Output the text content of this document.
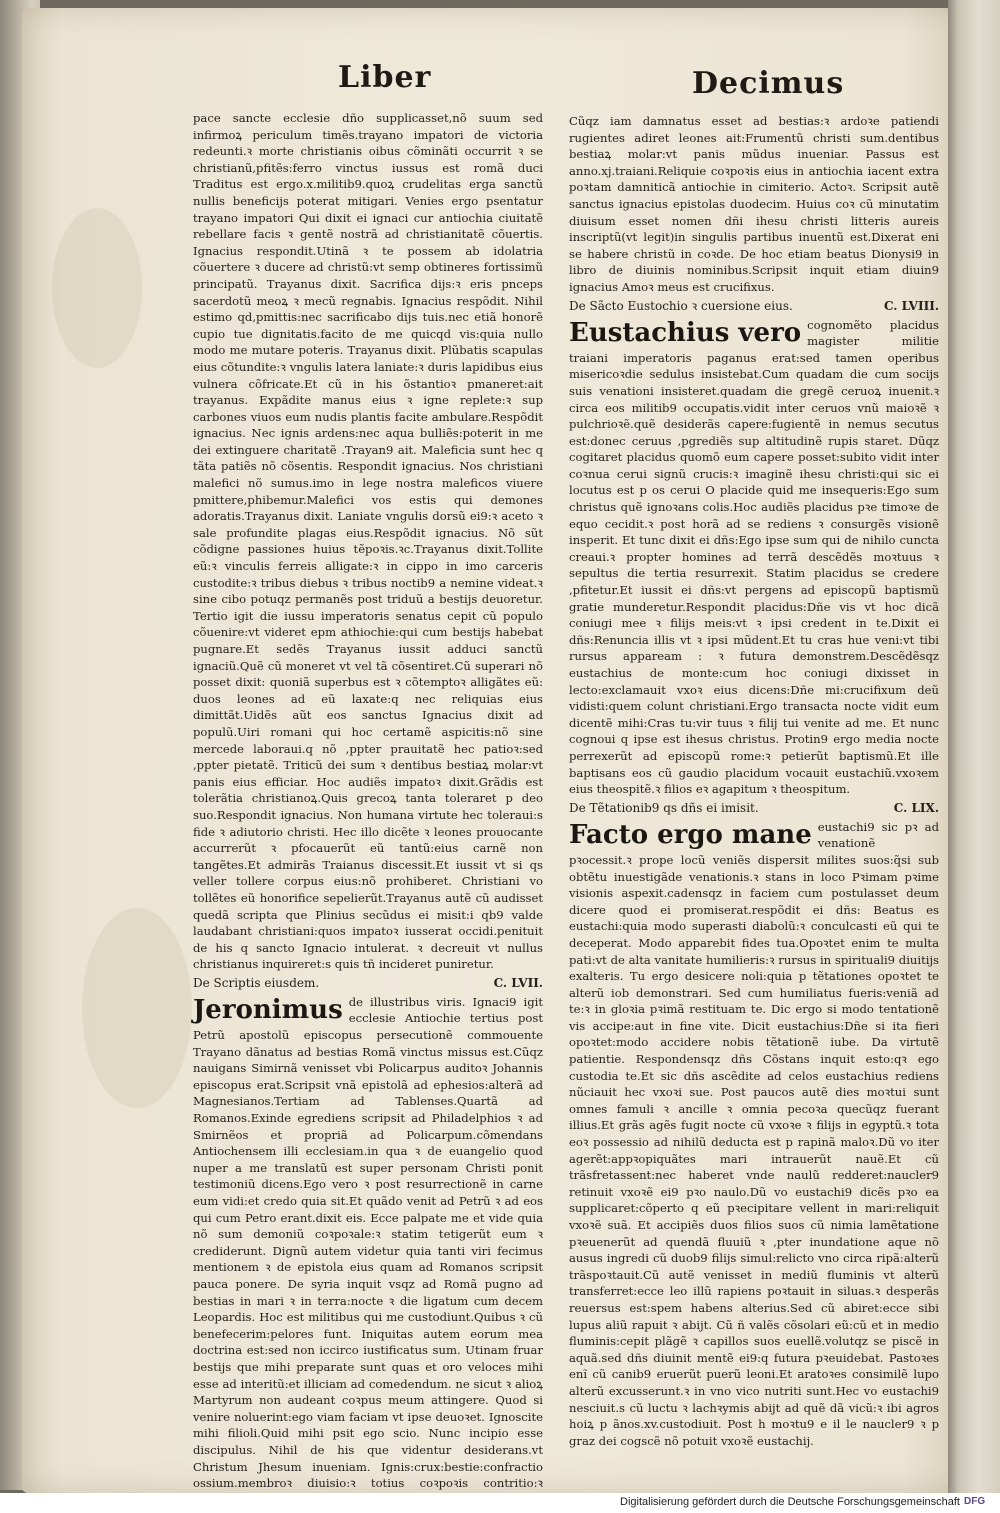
Liber	Decimus

pace sancte ecclesie dño supplicasset,nõ suum sed infirmoꝝ periculum timẽs.trayano impatori de victoria redeunti.ꝛ morte christianis oibus cõminãti occurrit ꝛ se christianũ,pfitẽs:ferro vinctus iussus est romã duci Traditus est ergo.x.militib9.quoꝝ crudelitas erga sanctũ nullis beneficijs poterat mitigari. Venies ergo psentatur trayano impatori Qui dixit ei ignaci cur antiochia ciuitatẽ rebellare facis ꝛ gentẽ nostrã ad christianitatẽ cõuertis. Ignacius respondit.Utinã ꝛ te possem ab idolatria cõuertere ꝛ ducere ad christũ:vt semp obtineres fortissimũ principatũ. Trayanus dixit. Sacrifica dijs:ꝛ eris pnceps sacerdotũ meoꝝ ꝛ mecũ regnabis. Ignacius respõdit. Nihil estimo qd,pmittis:nec sacrificabo dijs tuis.nec etiã honorẽ cupio tue dignitatis.facito de me quicqd vis:quia nullo modo me mutare poteris. Trayanus dixit. Plũbatis scapulas eius cõtundite:ꝛ vngulis latera laniate:ꝛ duris lapidibus eius vulnera cõfricate.Et cũ in his õstantioꝛ pmaneret:ait trayanus. Expãdite manus eius ꝛ igne replete:ꝛ sup carbones viuos eum nudis plantis facite ambulare.Respõdit ignacius. Nec ignis ardens:nec aqua bulliẽs:poterit in me dei extinguere charitatẽ .Trayan9 ait. Maleficia sunt hec q tãta patiẽs nõ cõsentis. Respondit ignacius. Nos christiani malefici nõ sumus.imo in lege nostra maleficos viuere pmittere,phibemur.Malefici vos estis qui demones adoratis.Trayanus dixit. Laniate vngulis dorsũ ei9:ꝛ aceto ꝛ sale profundite plagas eius.Respõdit ignacius. Nõ sũt cõdigne passiones huius tẽpoꝛis.ꝛc.Trayanus dixit.Tollite eũ:ꝛ vinculis ferreis alligate:ꝛ in cippo in imo carceris custodite:ꝛ tribus diebus ꝛ tribus noctib9 a nemine videat.ꝛ sine cibo potuqz permanẽs post triduũ a bestijs deuoretur. Tertio igit die iussu imperatoris senatus cepit cũ populo cõuenire:vt videret epm athiochie:qui cum bestijs habebat pugnare.Et sedẽs Trayanus iussit adduci sanctũ ignaciũ.Quẽ cũ moneret vt vel tã cõsentiret.Cũ superari nõ posset dixit: quoniã superbus est ꝛ cõtemptoꝛ alligãtes eũ: duos leones ad eũ laxate:q nec reliquias eius dimittãt.Uidẽs aũt eos sanctus Ignacius dixit ad populũ.Uiri romani qui hoc certamẽ aspicitis:nõ sine mercede laboraui.q nõ ,ppter prauitatẽ hec patioꝛ:sed ,ppter pietatẽ. Triticũ dei sum ꝛ dentibus bestiaꝝ molar:vt panis eius efficiar. Hoc audiẽs impatoꝛ dixit.Grãdis est tolerãtia christianoꝝ.Quis grecoꝝ tanta toleraret p deo suo.Respondit ignacius. Non humana virtute hec toleraui:s fide ꝛ adiutorio christi. Hec illo dicẽte ꝛ leones prouocante accurrerũt ꝛ pfocauerũt eũ tantũ:eius carnẽ non tangẽtes.Et admirãs Traianus discessit.Et iussit vt si qs veller tollere corpus eius:nõ prohiberet. Christiani vo tollẽtes eũ honorifice sepelierũt.Trayanus autẽ cũ audisset quedã scripta que Plinius secũdus ei misit:i qb9 valde laudabant christiani:quos impatoꝛ iusserat occidi.penituit de his q sancto Ignacio intulerat. ꝛ decreuit vt nullus christianus inquireret:s quis tñ incideret puniretur.

De Scriptis eiusdem.	C. LVII.
Jeronimus de illustribus viris. Ignaci9 igit ecclesie Antiochie tertius post Petrũ apostolũ episcopus persecutionẽ commouente Trayano dãnatus ad bestias Romã vinctus missus est.Cũqz nauigans Simirnã venisset vbi Policarpus auditoꝛ Johannis episcopus erat.Scripsit vnã epistolã ad ephesios:alterã ad Magnesianos.Tertiam ad Tablenses.Quartã ad Romanos.Exinde egrediens scripsit ad Philadelphios ꝛ ad Smirnẽos et propriã ad Policarpum.cõmendans Antiochensem illi ecclesiam.in qua ꝛ de euangelio quod nuper a me translatũ est super personam Christi ponit testimoniũ dicens.Ego vero ꝛ post resurrectionẽ in carne eum vidi:et credo quia sit.Et quãdo venit ad Petrũ ꝛ ad eos qui cum Petro erant.dixit eis. Ecce palpate me et vide quia nõ sum demoniũ coꝛpoꝛale:ꝛ statim tetigerũt eum ꝛ crediderunt. Dignũ autem videtur quia tanti viri fecimus mentionem ꝛ de epistola eius quam ad Romanos scripsit pauca ponere. De syria inquit vsqz ad Romã pugno ad bestias in mari ꝛ in terra:nocte ꝛ die ligatum cum decem Leopardis. Hoc est militibus qui me custodiunt.Quibus ꝛ cũ benefecerim:pelores funt. Iniquitas autem eorum mea doctrina est:sed non iccirco iustificatus sum. Utinam fruar bestijs que mihi preparate sunt quas et oro veloces mihi esse ad interitũ:et illiciam ad comedendum. ne sicut ꝛ alioꝝ Martyrum non audeant coꝛpus meum attingere. Quod si venire noluerint:ego viam faciam vt ipse deuoꝛet. Ignoscite mihi filioli.Quid mihi psit ego scio. Nunc incipio esse discipulus. Nihil de his que videntur desiderans.vt Christum Jhesum inueniam. Ignis:crux:bestie:confractio ossium.membroꝛ diuisio:ꝛ totius coꝛpoꝛis contritio:ꝛ

Cũqz iam damnatus esset ad bestias:ꝛ ardoꝛe patiendi rugientes adiret leones ait:Frumentũ christi sum.dentibus bestiaꝝ molar:vt panis mũdus inueniar. Passus est anno.xj.traiani.Reliquie coꝛpoꝛis eius in antiochia iacent extra poꝛtam damniticã antiochie in cimiterio. Actoꝛ. Scripsit autẽ sanctus ignacius epistolas duodecim. Huius coꝛ cũ minutatim diuisum esset nomen dñi ihesu christi litteris aureis inscriptũ(vt legit)in singulis partibus inuentũ est.Dixerat eni se habere christũ in coꝛde. De hoc etiam beatus Dionysi9 in libro de diuinis nominibus.Scripsit inquit etiam diuin9 ignacius Amoꝛ meus est crucifixus.

De Sãcto Eustochio ꝛ cuersione eius.	C. LVIII.
Eustachius vero cognomẽto placidus magister militie traiani imperatoris paganus erat:sed tamen operibus misericoꝛdie sedulus insistebat.Cum quadam die cum socijs suis venationi insisteret.quadam die gregẽ ceruoꝝ inuenit.ꝛ circa eos militib9 occupatis.vidit inter ceruos vnũ maioꝛẽ ꝛ pulchrioꝛẽ.quẽ desiderãs capere:fugientẽ in nemus secutus est:donec ceruus ,pgrediẽs sup altitudinẽ rupis staret. Dũqz cogitaret placidus quomõ eum capere posset:subito vidit inter coꝛnua cerui signũ crucis:ꝛ imaginẽ ihesu christi:qui sic ei locutus est p os cerui O placide quid me insequeris:Ego sum christus quẽ ignoꝛans colis.Hoc audiẽs placidus pꝛe timoꝛe de equo cecidit.ꝛ post horã ad se rediens ꝛ consurgẽs visionẽ insperit. Et tunc dixit ei dñs:Ego ipse sum qui de nihilo cuncta creaui.ꝛ propter homines ad terrã descẽdẽs moꝛtuus ꝛ sepultus die tertia resurrexit. Statim placidus se credere ,pfitetur.Et iussit ei dñs:vt pergens ad episcopũ baptismũ gratie munderetur.Respondit placidus:Dñe vis vt hoc dicã coniugi mee ꝛ filijs meis:vt ꝛ ipsi credent in te.Dixit ei dñs:Renuncia illis vt ꝛ ipsi mũdent.Et tu cras hue veni:vt tibi rursus appaream : ꝛ futura demonstrem.Descẽdẽsqz eustachius de monte:cum hoc coniugi dixisset in lecto:exclamauit vxoꝛ eius dicens:Dñe mi:crucifixum deũ vidisti:quem colunt christiani.Ergo transacta nocte vidit eum dicentẽ mihi:Cras tu:vir tuus ꝛ filij tui venite ad me. Et nunc cognoui q ipse est ihesus christus. Protin9 ergo media nocte perrexerũt ad episcopũ rome:ꝛ petierũt baptismũ.Et ille baptisans eos cũ gaudio placidum vocauit eustachiũ.vxoꝛem eius theospitẽ.ꝛ filios eꝛ agapitum ꝛ theospitum.

De Tẽtationib9 qs dñs ei imisit.	C. LIX.
Facto ergo mane eustachi9 sic pꝛ ad venationẽ pꝛocessit.ꝛ prope locũ veniẽs dispersit milites suos:q̃si sub obtẽtu inuestigãde venationis.ꝛ stans in loco Pꝛimam pꝛime visionis aspexit.cadensqz in faciem cum postulasset deum dicere quod ei promiserat.respõdit ei dñs: Beatus es eustachi:quia modo superasti diabolũ:ꝛ conculcasti eũ qui te deceperat. Modo apparebit fides tua.Opoꝛtet enim te multa pati:vt de alta vanitate humilieris:ꝛ rursus in spirituali9 diuitijs exalteris. Tu ergo desicere noli:quia p tẽtationes opoꝛtet te alterũ iob demonstrari. Sed cum humiliatus fueris:veniã ad te:ꝛ in gloꝛia pꝛimã restituam te. Dic ergo si modo tentationẽ vis accipe:aut in fine vite. Dicit eustachius:Dñe si ita fieri opoꝛtet:modo accidere nobis tẽtationẽ iube. Da virtutẽ patientie. Respondensqz dñs Cõstans inquit esto:qꝛ ego custodia te.Et sic dñs ascẽdite ad celos eustachius rediens nũciauit hec vxoꝛi sue. Post paucos autẽ dies moꝛtui sunt omnes famuli ꝛ ancille ꝛ omnia pecoꝛa quecũqz fuerant illius.Et grãs agẽs fugit nocte cũ vxoꝛe ꝛ filijs in egyptũ.ꝛ tota eoꝛ possessio ad nihilũ deducta est p rapinã maloꝛ.Dũ vo iter agerẽt:appꝛopiquãtes mari intrauerũt nauẽ.Et cũ trãsfretassent:nec haberet vnde naulũ redderet:naucler9 retinuit vxoꝛẽ ei9 pꝛo naulo.Dũ vo eustachi9 dicẽs pꝛo ea supplicaret:cõperto q eũ pꝛecipitare vellent in mari:reliquit vxoꝛẽ suã. Et accipiẽs duos filios suos cũ nimia lamẽtatione pꝛeuenerũt ad quendã fluuiũ ꝛ ,pter inundatione aque nõ ausus ingredi cũ duob9 filijs simul:relicto vno circa ripã:alterũ trãspoꝛtauit.Cũ autẽ venisset in mediũ fluminis vt alterũ transferret:ecce leo illũ rapiens poꝛtauit in siluas.ꝛ desperãs reuersus est:spem habens alterius.Sed cũ abiret:ecce sibi lupus aliũ rapuit ꝛ abijt. Cũ ñ valẽs cõsolari eũ:cũ et in medio fluminis:cepit plãgẽ ꝛ capillos suos euellẽ.volutqz se piscẽ in aquã.sed dñs diuinit mentẽ ei9:q futura pꝛeuidebat. Pastoꝛes enĩ cũ canib9 eruerũt puerũ leoni.Et aratoꝛes consimilẽ lupo alterũ excusserunt.ꝛ in vno vico nutriti sunt.Hec vo eustachi9 nesciuit.s cũ luctu ꝛ lachꝛymis abijt ad quẽ dã vicũ:ꝛ ibi agros hoiꝝ p ãnos.xv.custodiuit. Post h moꝛtu9 e il le naucler9 ꝛ p graz dei cogscẽ nõ potuit vxoꝛẽ eustachij.

Digitalisierung gefördert durch die Deutsche Forschungsgemeinschaft DFG
